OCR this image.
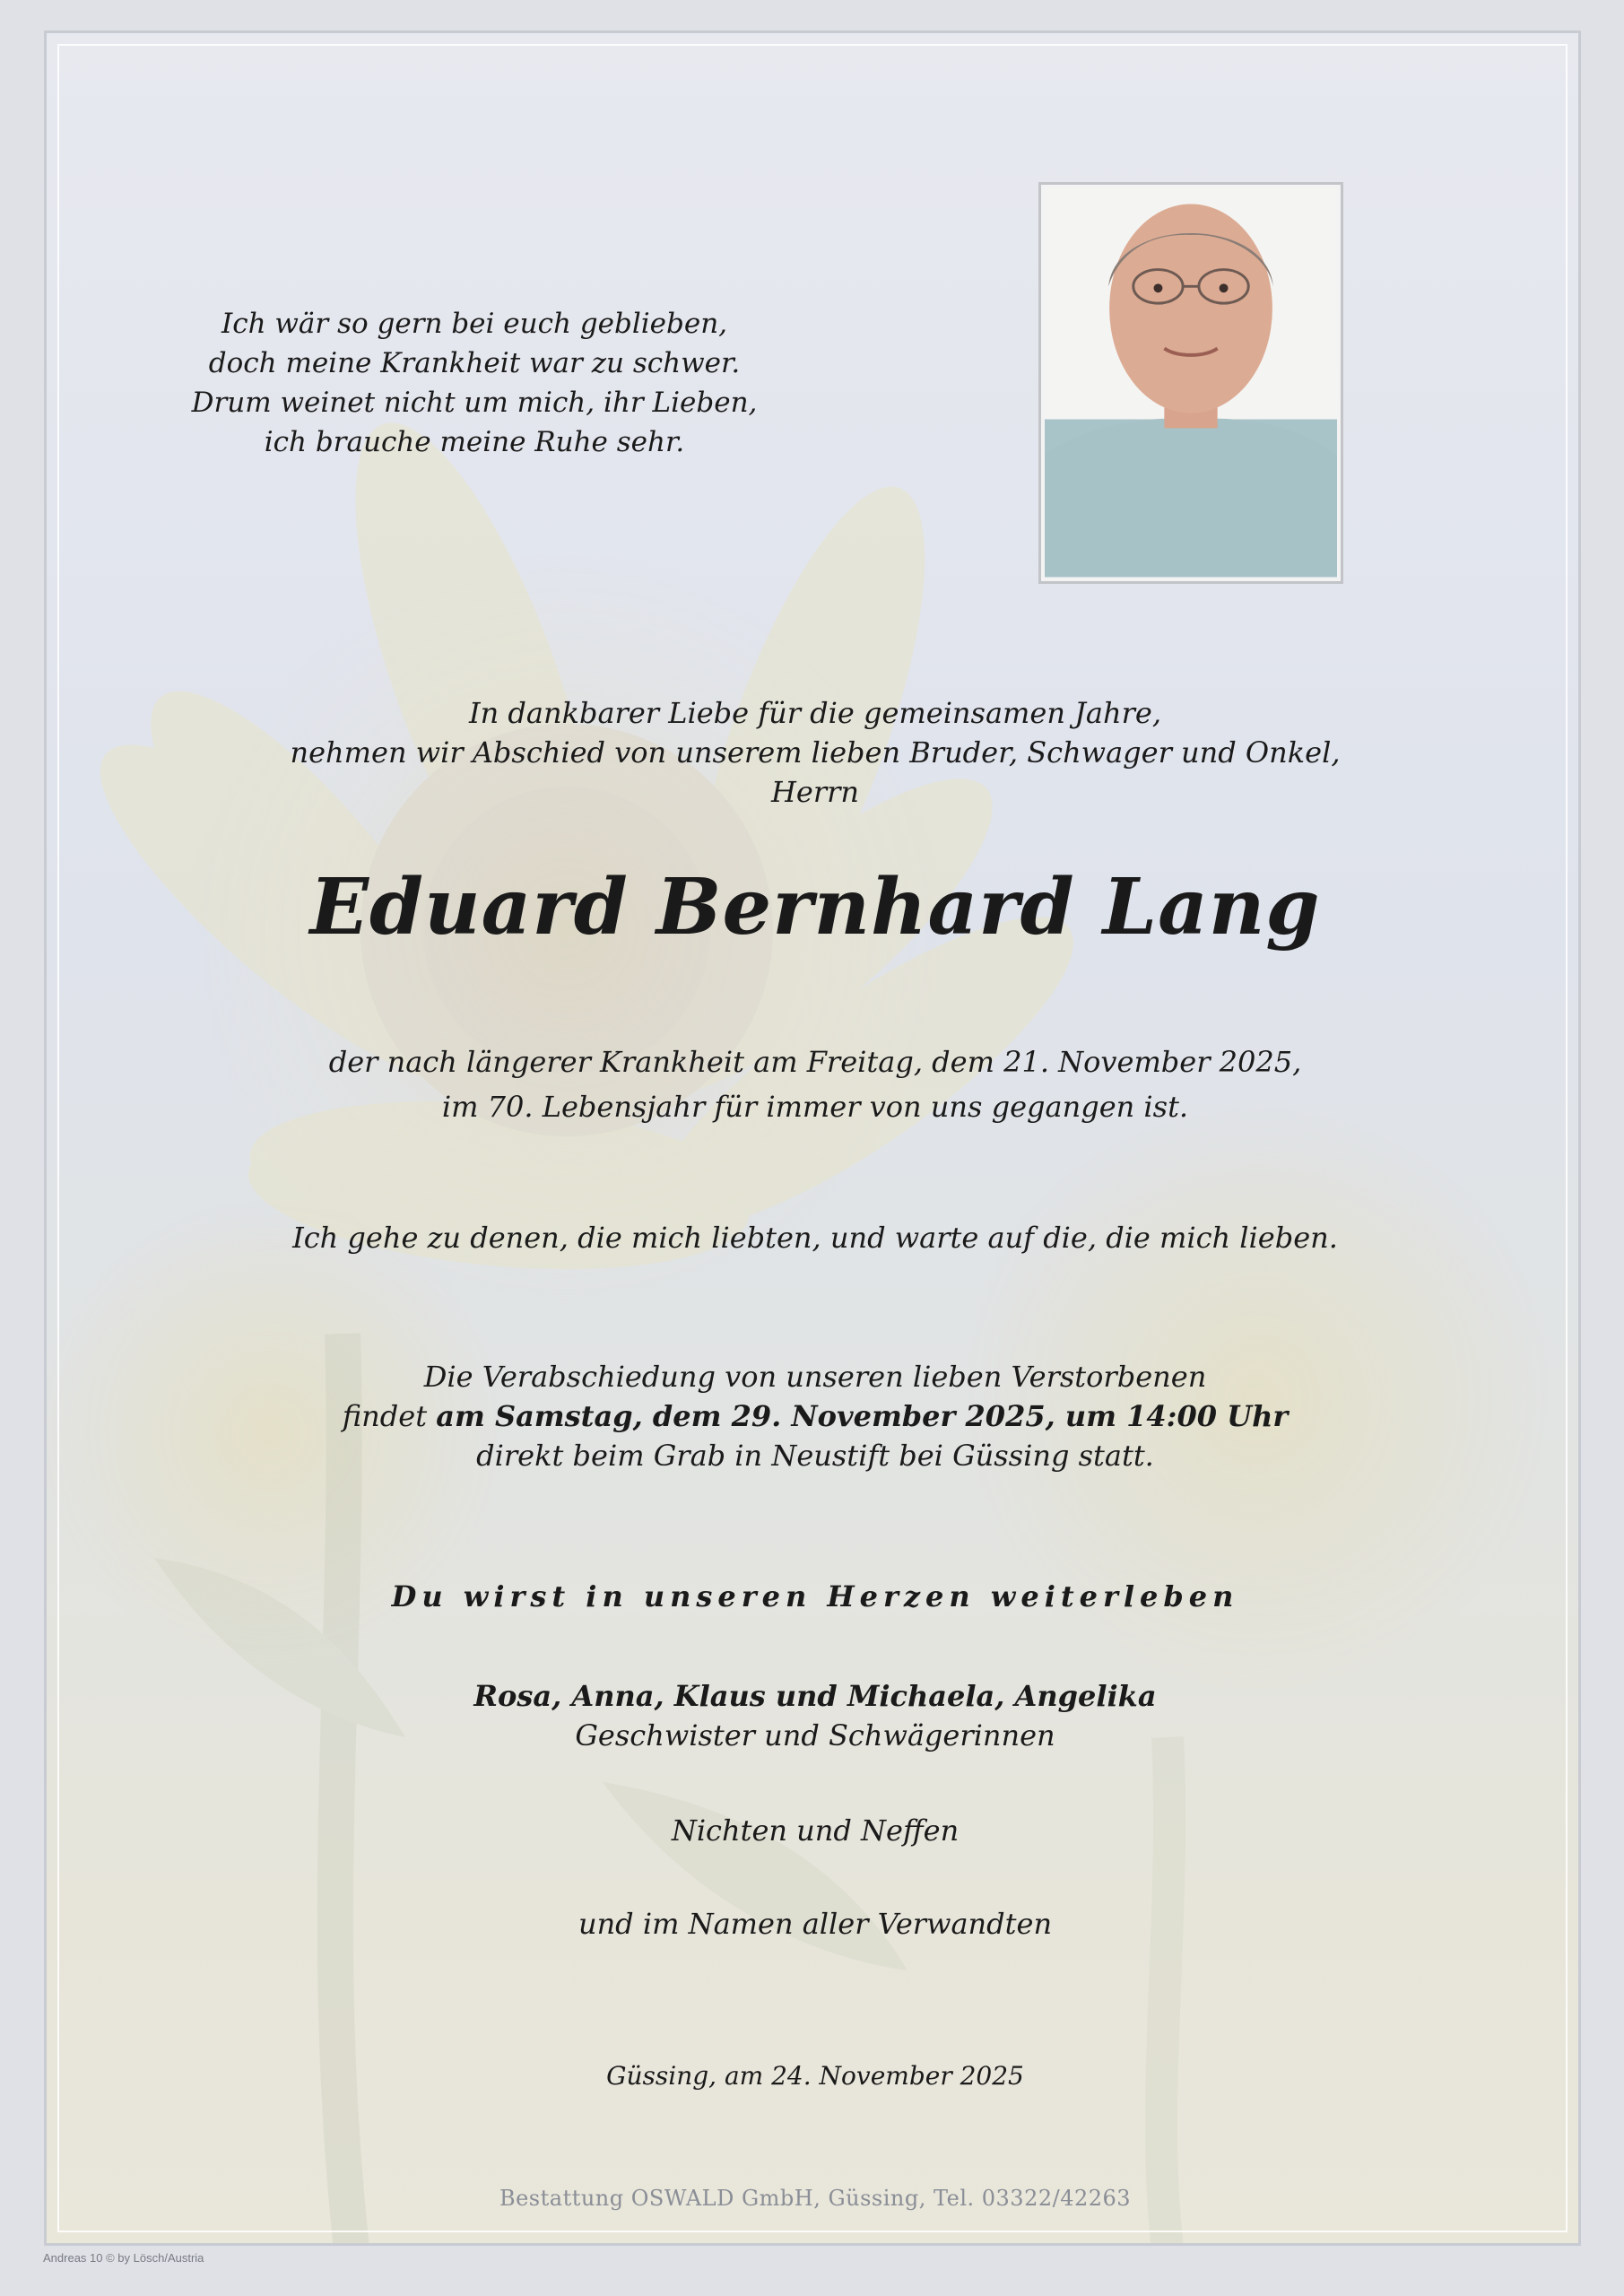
Ich wär so gern bei euch geblieben,
doch meine Krankheit war zu schwer.
Drum weinet nicht um mich, ihr Lieben,
ich brauche meine Ruhe sehr.
In dankbarer Liebe für die gemeinsamen Jahre,
nehmen wir Abschied von unserem lieben Bruder, Schwager und Onkel,
Herrn
Eduard Bernhard Lang
der nach längerer Krankheit am Freitag, dem 21. November 2025,
im 70. Lebensjahr für immer von uns gegangen ist.
Ich gehe zu denen, die mich liebten, und warte auf die, die mich lieben.
Die Verabschiedung von unseren lieben Verstorbenen
findet am Samstag, dem 29. November 2025, um 14:00 Uhr
direkt beim Grab in Neustift bei Güssing statt.
Du wirst in unseren Herzen weiterleben
Rosa, Anna, Klaus und Michaela, Angelika
Geschwister und Schwägerinnen
Nichten und Neffen
und im Namen aller Verwandten
Güssing, am 24. November 2025
Bestattung OSWALD GmbH, Güssing, Tel. 03322/42263
Andreas 10 © by Lösch/Austria
